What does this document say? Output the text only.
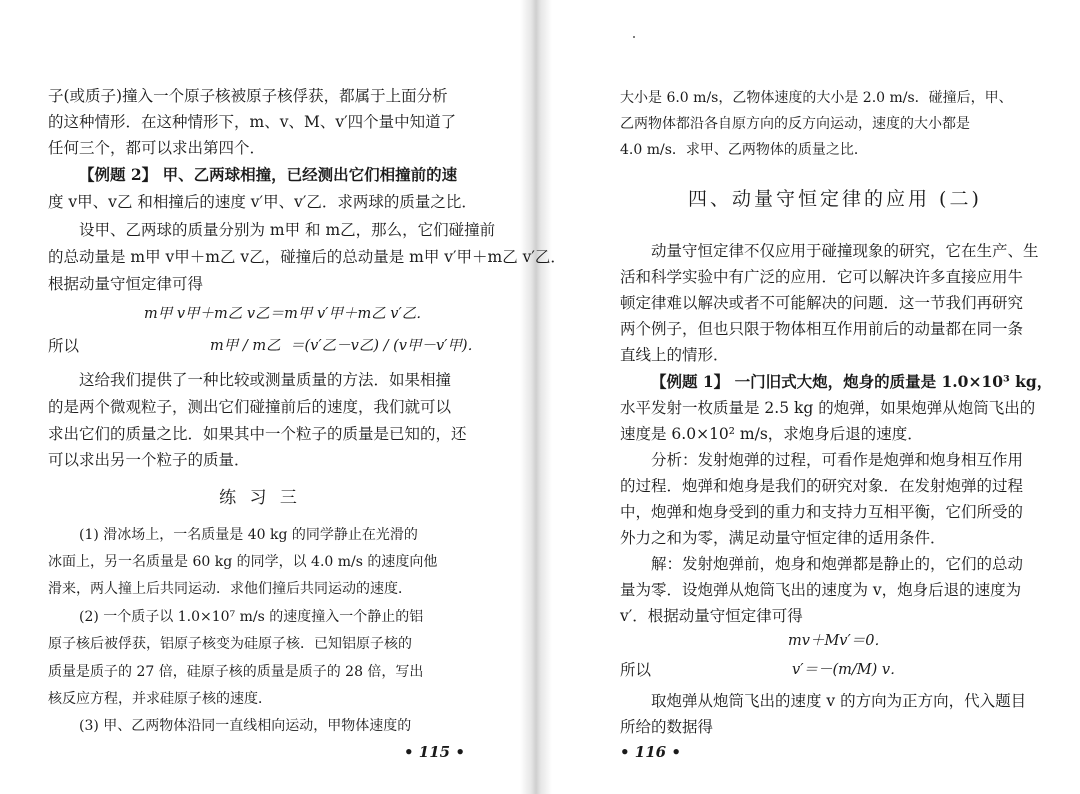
子(或质子)撞入一个原子核被原子核俘获，都属于上面分析
的这种情形．在这种情形下，m、v、M、v′四个量中知道了
任何三个，都可以求出第四个．
【例题 2】 甲、乙两球相撞，已经测出它们相撞前的速
度 v甲、v乙 和相撞后的速度 v′甲、v′乙．求两球的质量之比．
设甲、乙两球的质量分别为 m甲 和 m乙，那么，它们碰撞前
的总动量是 m甲 v甲＋m乙 v乙，碰撞后的总动量是 m甲 v′甲＋m乙 v′乙．
根据动量守恒定律可得
m甲 v甲＋m乙 v乙＝m甲 v′甲＋m乙 v′乙．
所以	m甲 / m乙 ＝(v′乙－v乙) / (v甲－v′甲)．
这给我们提供了一种比较或测量质量的方法．如果相撞
的是两个微观粒子，测出它们碰撞前后的速度，我们就可以
求出它们的质量之比．如果其中一个粒子的质量是已知的，还
可以求出另一个粒子的质量．
练 习 三
(1) 滑冰场上，一名质量是 40 kg 的同学静止在光滑的
冰面上，另一名质量是 60 kg 的同学，以 4.0 m/s 的速度向他
滑来，两人撞上后共同运动．求他们撞后共同运动的速度．
(2) 一个质子以 1.0×10⁷ m/s 的速度撞入一个静止的铝
原子核后被俘获，铝原子核变为硅原子核．已知铝原子核的
质量是质子的 27 倍，硅原子核的质量是质子的 28 倍，写出
核反应方程，并求硅原子核的速度．
(3) 甲、乙两物体沿同一直线相向运动，甲物体速度的
• 115 •
大小是 6.0 m/s，乙物体速度的大小是 2.0 m/s．碰撞后，甲、
乙两物体都沿各自原方向的反方向运动，速度的大小都是
4.0 m/s．求甲、乙两物体的质量之比．
四、动量守恒定律的应用 (二)
动量守恒定律不仅应用于碰撞现象的研究，它在生产、生
活和科学实验中有广泛的应用．它可以解决许多直接应用牛
顿定律难以解决或者不可能解决的问题．这一节我们再研究
两个例子，但也只限于物体相互作用前后的动量都在同一条
直线上的情形．
【例题 1】 一门旧式大炮，炮身的质量是 1.0×10³ kg，
水平发射一枚质量是 2.5 kg 的炮弹，如果炮弹从炮筒飞出的
速度是 6.0×10² m/s，求炮身后退的速度．
分析：发射炮弹的过程，可看作是炮弹和炮身相互作用
的过程．炮弹和炮身是我们的研究对象．在发射炮弹的过程
中，炮弹和炮身受到的重力和支持力互相平衡，它们所受的
外力之和为零，满足动量守恒定律的适用条件．
解：发射炮弹前，炮身和炮弹都是静止的，它们的总动
量为零．设炮弹从炮筒飞出的速度为 v，炮身后退的速度为
v′．根据动量守恒定律可得
mv＋Mv′＝0．
所以	v′＝－(m/M) v．
取炮弹从炮筒飞出的速度 v 的方向为正方向，代入题目
所给的数据得
• 116 •
